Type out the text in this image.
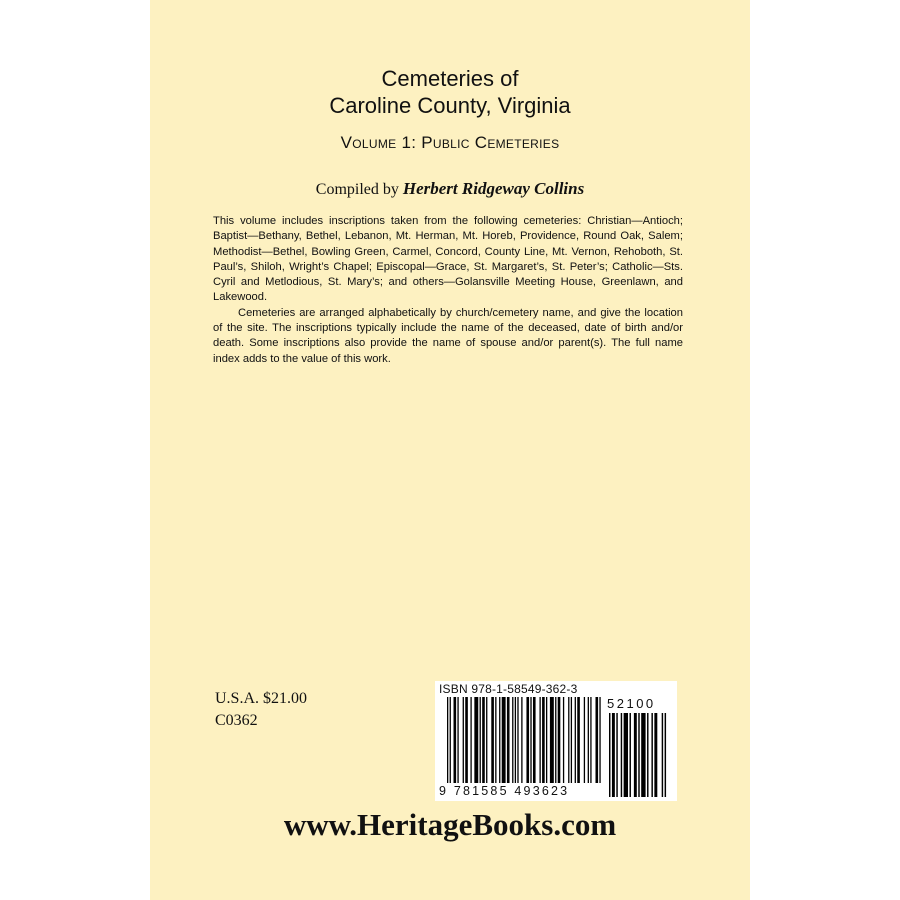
Cemeteries of
Caroline County, Virginia
Volume 1: Public Cemeteries
Compiled by Herbert Ridgeway Collins

This volume includes inscriptions taken from the following cemeteries: Christian—Antioch; Baptist—Bethany, Bethel, Lebanon, Mt. Herman, Mt. Horeb, Providence, Round Oak, Salem; Methodist—Bethel, Bowling Green, Carmel, Concord, County Line, Mt. Vernon, Rehoboth, St. Paul’s, Shiloh, Wright’s Chapel; Episcopal—Grace, St. Margaret’s, St. Peter’s; Catholic—Sts. Cyril and Metlodious, St. Mary’s; and others—Golansville Meeting House, Greenlawn, and Lakewood.

Cemeteries are arranged alphabetically by church/cemetery name, and give the location of the site. The inscriptions typically include the name of the deceased, date of birth and/or death. Some inscriptions also provide the name of spouse and/or parent(s). The full name index adds to the value of this work.

U.S.A. $21.00
C0362
ISBN 978-1-58549-362-3
52100
9 781585 493623
www.HeritageBooks.com
